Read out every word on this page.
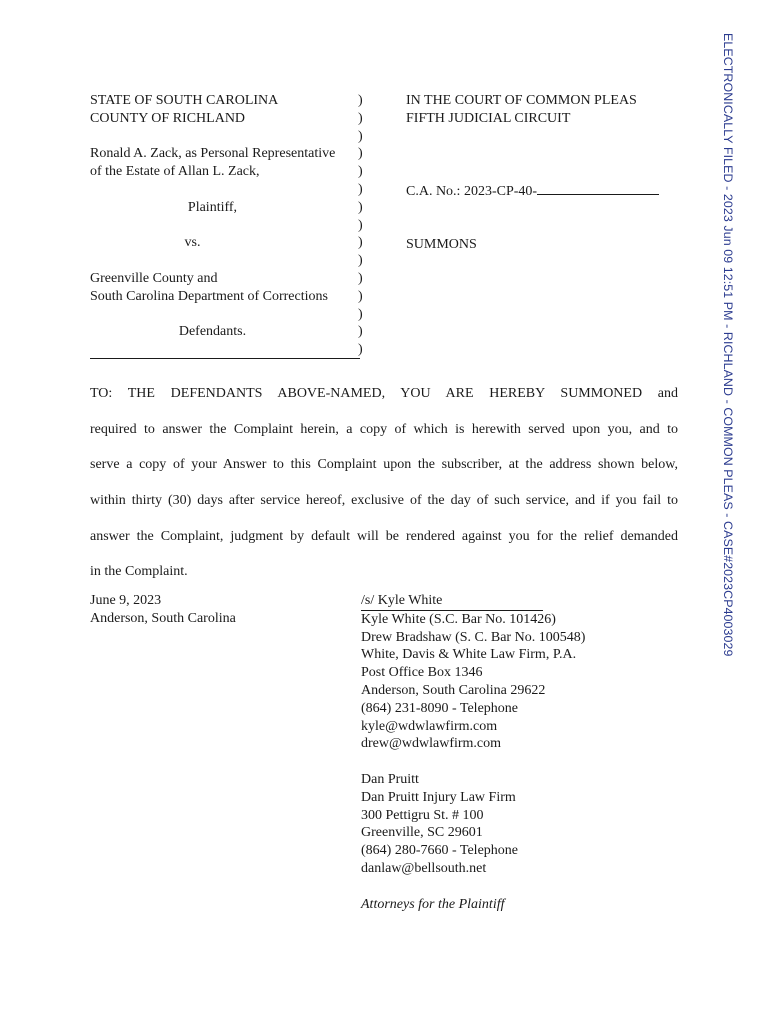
ELECTRONICALLY FILED - 2023 Jun 09 12:51 PM - RICHLAND - COMMON PLEAS - CASE#2023CP4003029
STATE OF SOUTH CAROLINA
COUNTY OF RICHLAND
Ronald A. Zack, as Personal Representative
of the Estate of Allan L. Zack,
Plaintiff,
vs.
Greenville County and
South Carolina Department of Corrections
Defendants.
)
)
)
)
)
)
)
)
)
)
)
)
)
)
)
IN THE COURT OF COMMON PLEAS
FIFTH JUDICIAL CIRCUIT
C.A. No.: 2023-CP-40-
SUMMONS
TO: THE DEFENDANTS ABOVE-NAMED, YOU ARE HEREBY SUMMONED and
required to answer the Complaint herein, a copy of which is herewith served upon you, and to
serve a copy of your Answer to this Complaint upon the subscriber, at the address shown below,
within thirty (30) days after service hereof, exclusive of the day of such service, and if you fail to
answer the Complaint, judgment by default will be rendered against you for the relief demanded
in the Complaint.
June 9, 2023
Anderson, South Carolina
/s/ Kyle White
Kyle White (S.C. Bar No. 101426)
Drew Bradshaw (S. C. Bar No. 100548)
White, Davis & White Law Firm, P.A.
Post Office Box 1346
Anderson, South Carolina 29622
(864) 231-8090 - Telephone
kyle@wdwlawfirm.com
drew@wdwlawfirm.com
Dan Pruitt
Dan Pruitt Injury Law Firm
300 Pettigru St. # 100
Greenville, SC 29601
(864) 280-7660 - Telephone
danlaw@bellsouth.net
Attorneys for the Plaintiff
